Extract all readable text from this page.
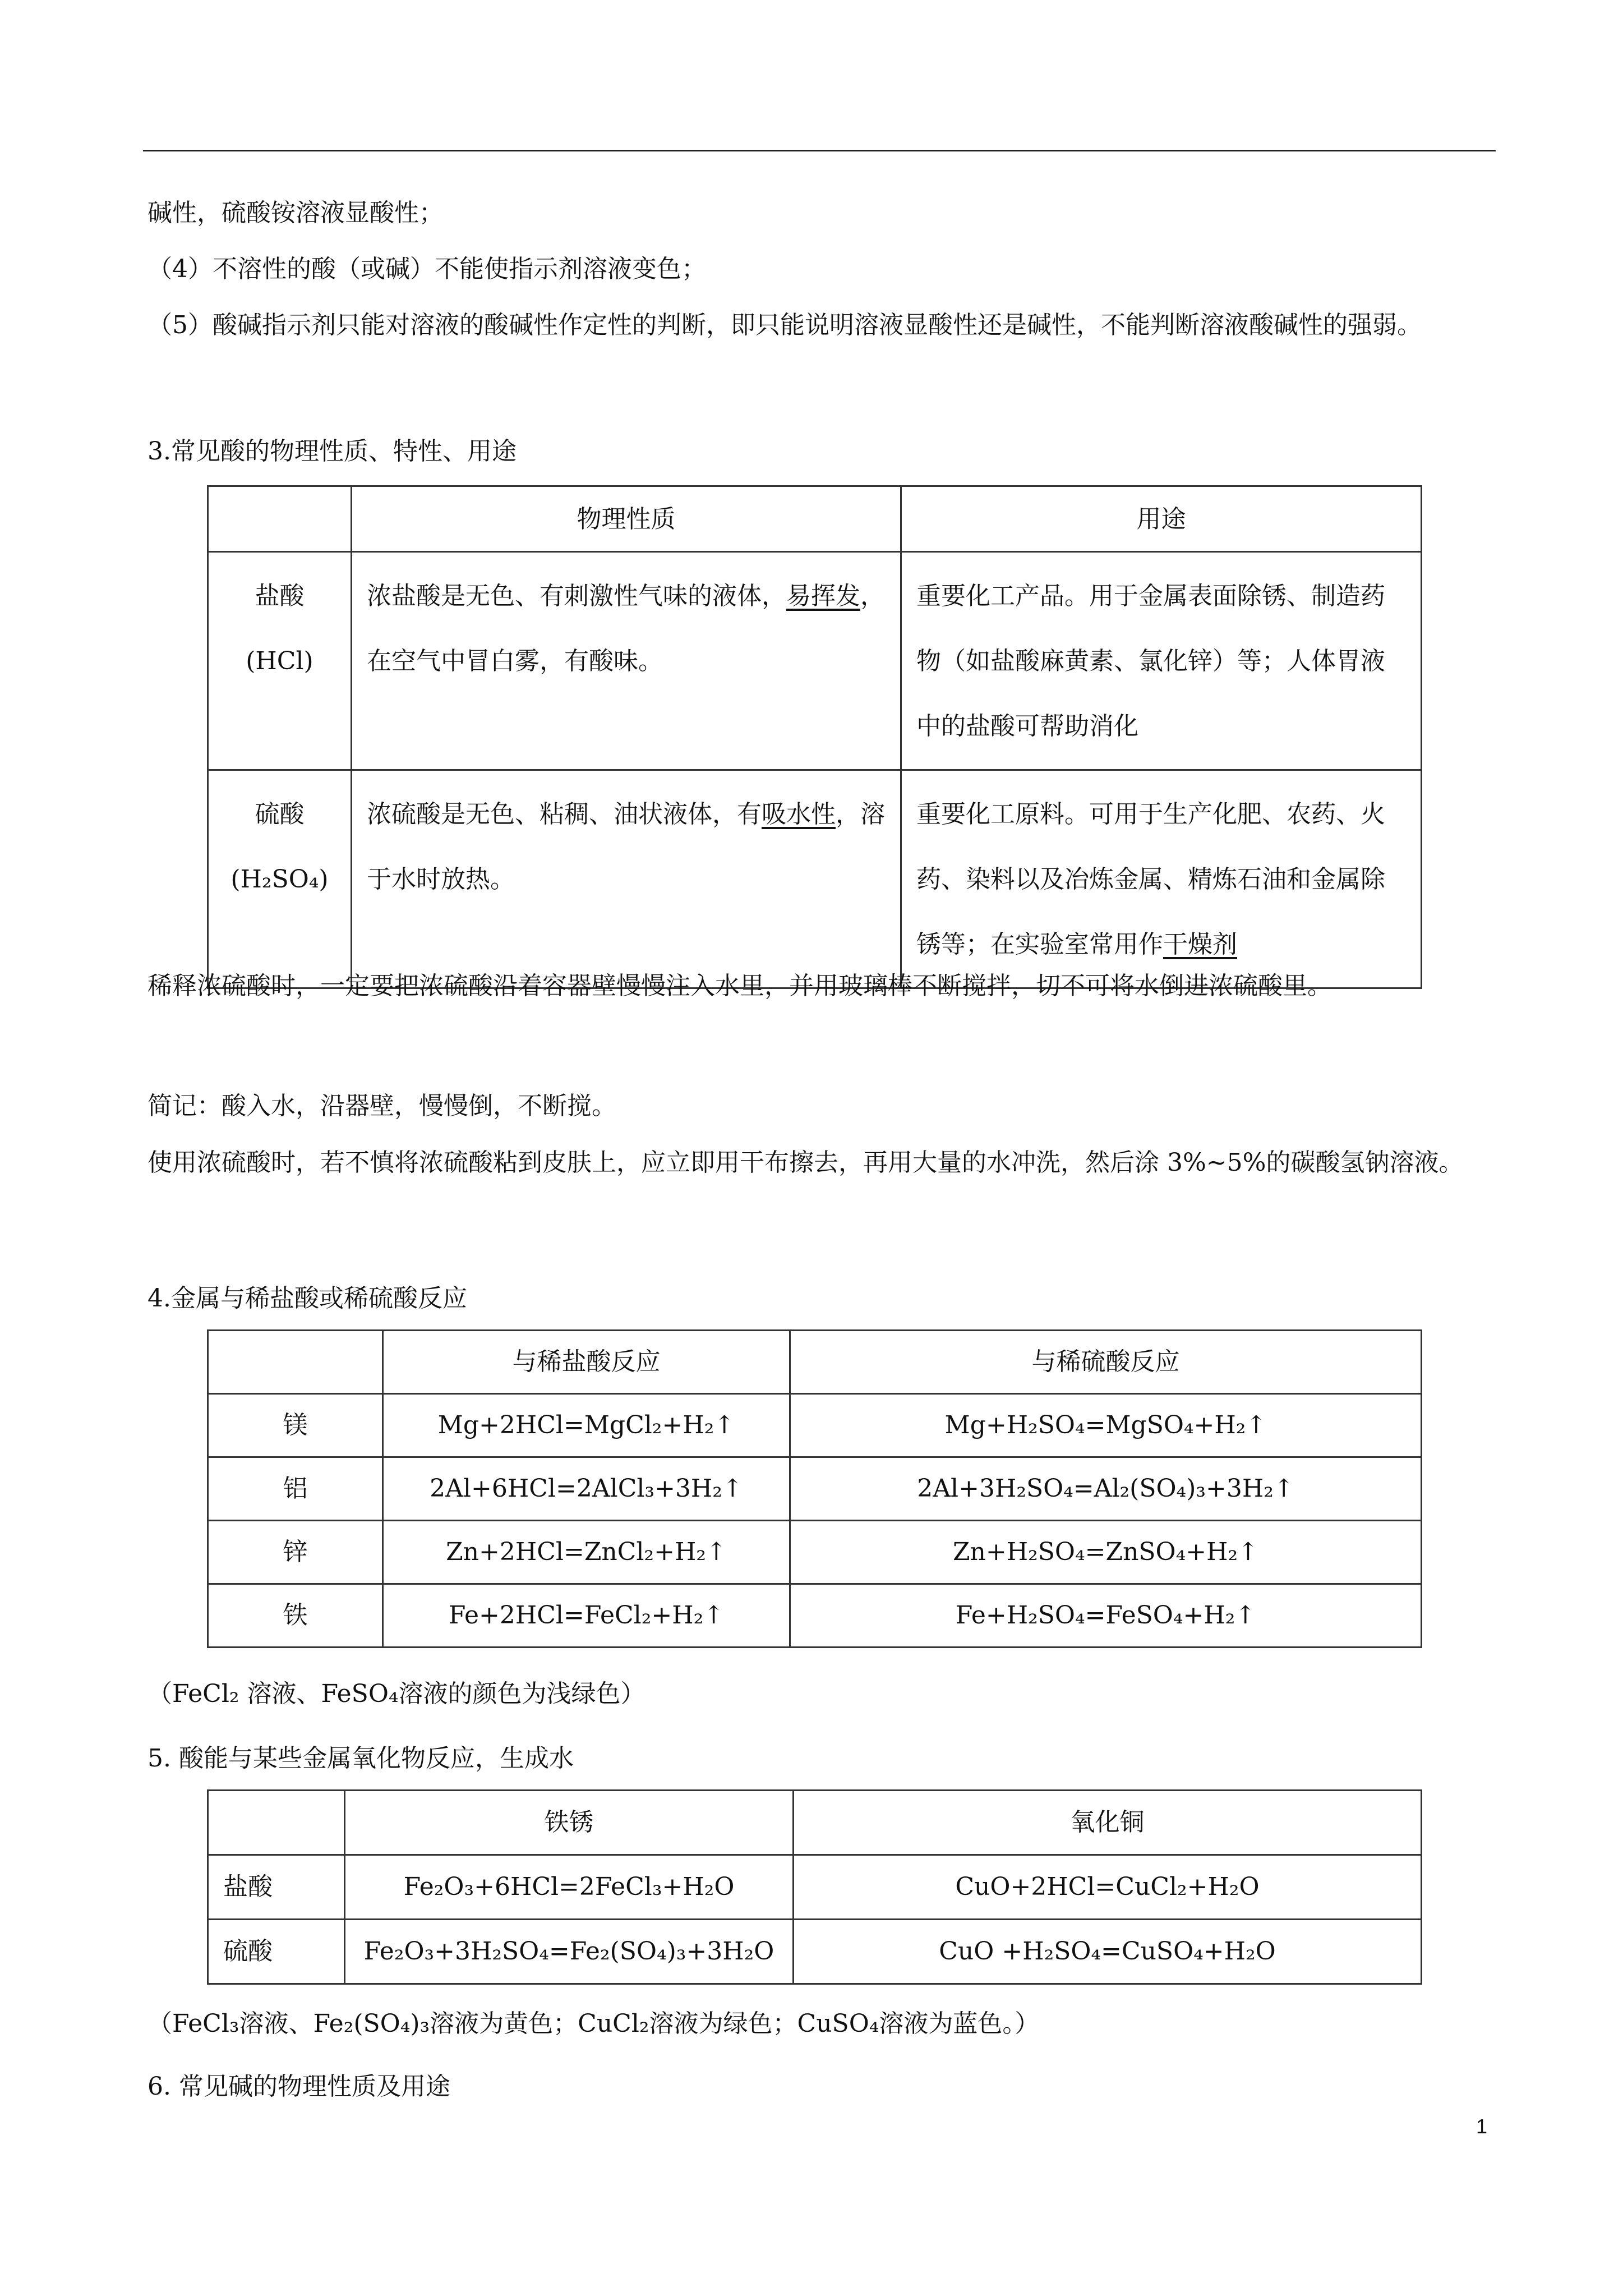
碱性，硫酸铵溶液显酸性；
（4）不溶性的酸（或碱）不能使指示剂溶液变色；
（5）酸碱指示剂只能对溶液的酸碱性作定性的判断，即只能说明溶液显酸性还是碱性，不能判断溶液酸碱性的强弱。
3.常见酸的物理性质、特性、用途
	物理性质	用途

盐酸
(HCl)	浓盐酸是无色、有刺激性气味的液体，易挥发，在空气中冒白雾，有酸味。	重要化工产品。用于金属表面除锈、制造药物（如盐酸麻黄素、氯化锌）等；人体胃液中的盐酸可帮助消化

硫酸
(H₂SO₄)	浓硫酸是无色、粘稠、油状液体，有吸水性，溶于水时放热。	重要化工原料。可用于生产化肥、农药、火药、染料以及冶炼金属、精炼石油和金属除锈等；在实验室常用作干燥剂
稀释浓硫酸时，一定要把浓硫酸沿着容器壁慢慢注入水里，并用玻璃棒不断搅拌，切不可将水倒进浓硫酸里。
简记：酸入水，沿器壁，慢慢倒，不断搅。
使用浓硫酸时，若不慎将浓硫酸粘到皮肤上，应立即用干布擦去，再用大量的水冲洗，然后涂 3%~5%的碳酸氢钠溶液。
4.金属与稀盐酸或稀硫酸反应
	与稀盐酸反应	与稀硫酸反应
镁	Mg+2HCl=MgCl₂+H₂↑	Mg+H₂SO₄=MgSO₄+H₂↑
铝	2Al+6HCl=2AlCl₃+3H₂↑	2Al+3H₂SO₄=Al₂(SO₄)₃+3H₂↑
锌	Zn+2HCl=ZnCl₂+H₂↑	Zn+H₂SO₄=ZnSO₄+H₂↑
铁	Fe+2HCl=FeCl₂+H₂↑	Fe+H₂SO₄=FeSO₄+H₂↑
（FeCl₂ 溶液、FeSO₄溶液的颜色为浅绿色）
5. 酸能与某些金属氧化物反应，生成水
	铁锈	氧化铜
盐酸	Fe₂O₃+6HCl=2FeCl₃+H₂O	CuO+2HCl=CuCl₂+H₂O
硫酸	Fe₂O₃+3H₂SO₄=Fe₂(SO₄)₃+3H₂O	CuO +H₂SO₄=CuSO₄+H₂O
（FeCl₃溶液、Fe₂(SO₄)₃溶液为黄色；CuCl₂溶液为绿色；CuSO₄溶液为蓝色。）
6. 常见碱的物理性质及用途
1
